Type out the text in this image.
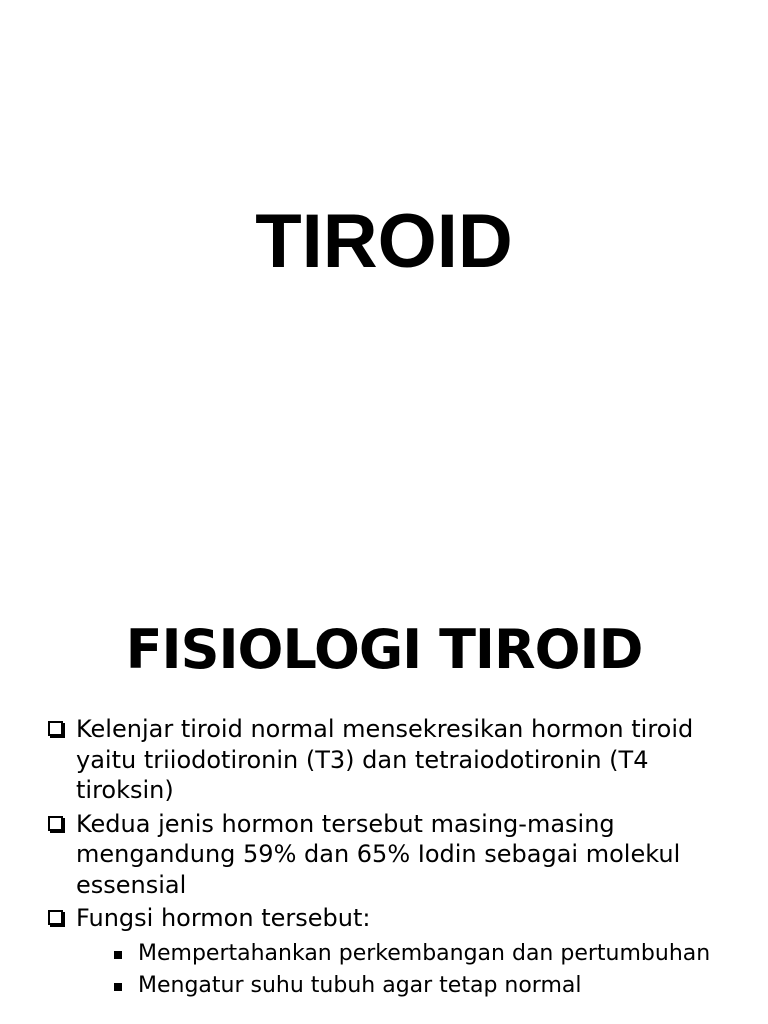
TIROID
FISIOLOGI TIROID
Kelenjar tiroid normal mensekresikan hormon tiroid yaitu triiodotironin (T3) dan tetraiodotironin (T4 tiroksin)
Kedua jenis hormon tersebut masing-masing mengandung 59% dan 65% Iodin sebagai molekul essensial
Fungsi hormon tersebut:
Mempertahankan perkembangan dan pertumbuhan
Mengatur suhu tubuh agar tetap normal
